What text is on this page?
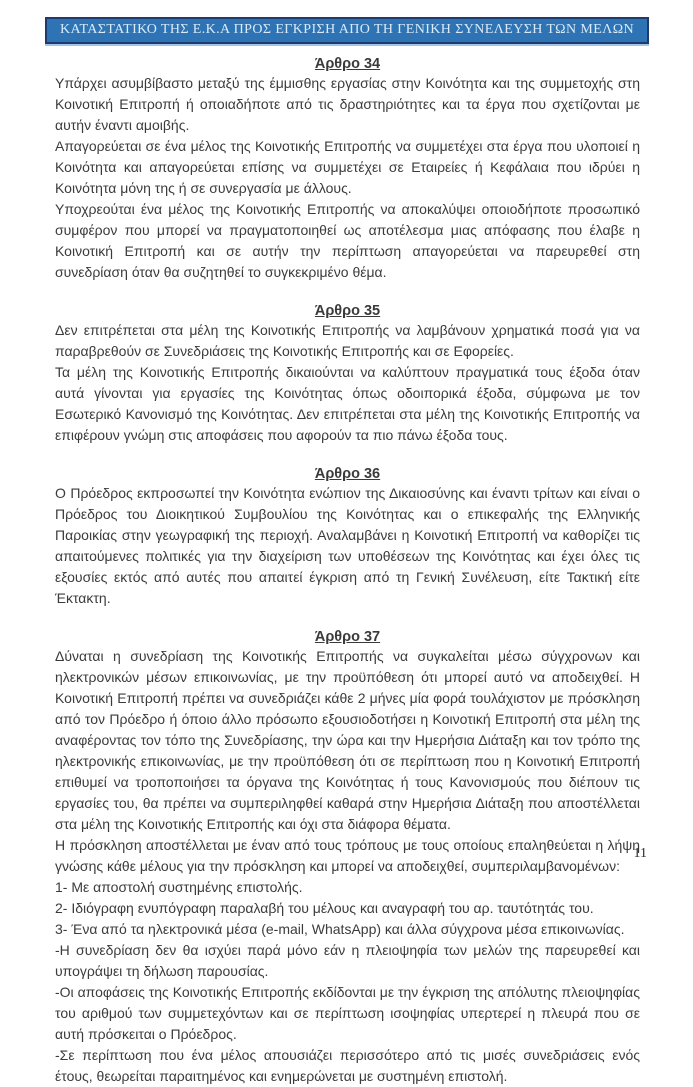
ΚΑΤΑΣΤΑΤΙΚΟ ΤΗΣ Ε.Κ.Α ΠΡΟΣ ΕΓΚΡΙΣΗ ΑΠΟ ΤΗ ΓΕΝΙΚΗ ΣΥΝΕΛΕΥΣΗ ΤΩΝ ΜΕΛΩΝ
Άρθρο 34

Υπάρχει ασυμβίβαστο μεταξύ της έμμισθης εργασίας στην Κοινότητα και της συμμετοχής στη Κοινοτική Επιτροπή ή οποιαδήποτε από τις δραστηριότητες και τα έργα που σχετίζονται με αυτήν έναντι αμοιβής.

Απαγορεύεται σε ένα μέλος της Κοινοτικής Επιτροπής να συμμετέχει στα έργα που υλοποιεί η Κοινότητα και απαγορεύεται επίσης να συμμετέχει σε Εταιρείες ή Κεφάλαια που ιδρύει η Κοινότητα μόνη της ή σε συνεργασία με άλλους.

Υποχρεούται ένα μέλος της Κοινοτικής Επιτροπής να αποκαλύψει οποιοδήποτε προσωπικό συμφέρον που μπορεί να πραγματοποιηθεί ως αποτέλεσμα μιας απόφασης που έλαβε η Κοινοτική Επιτροπή και σε αυτήν την περίπτωση απαγορεύεται να παρευρεθεί στη συνεδρίαση όταν θα συζητηθεί το συγκεκριμένο θέμα.

Άρθρο 35

Δεν επιτρέπεται στα μέλη της Κοινοτικής Επιτροπής να λαμβάνουν χρηματικά ποσά για να παραβρεθούν σε Συνεδριάσεις της Κοινοτικής Επιτροπής και σε Εφορείες.

Τα μέλη της Κοινοτικής Επιτροπής δικαιούνται να καλύπτουν πραγματικά τους έξοδα όταν αυτά γίνονται για εργασίες της Κοινότητας όπως οδοιπορικά έξοδα, σύμφωνα με τον Εσωτερικό Κανονισμό της Κοινότητας. Δεν επιτρέπεται στα μέλη της Κοινοτικής Επιτροπής να επιφέρουν γνώμη στις αποφάσεις που αφορούν τα πιο πάνω έξοδα τους.

Άρθρο 36

Ο Πρόεδρος εκπροσωπεί την Κοινότητα ενώπιον της Δικαιοσύνης και έναντι τρίτων και είναι ο Πρόεδρος του Διοικητικού Συμβουλίου της Κοινότητας και ο επικεφαλής της Ελληνικής Παροικίας στην γεωγραφική της περιοχή. Αναλαμβάνει η Κοινοτική Επιτροπή να καθορίζει τις απαιτούμενες πολιτικές για την διαχείριση των υποθέσεων της Κοινότητας και έχει όλες τις εξουσίες εκτός από αυτές που απαιτεί έγκριση από τη Γενική Συνέλευση, είτε Τακτική είτε Έκτακτη.

Άρθρο 37

Δύναται η συνεδρίαση της Κοινοτικής Επιτροπής να συγκαλείται μέσω σύγχρονων και ηλεκτρονικών μέσων επικοινωνίας, με την προϋπόθεση ότι μπορεί αυτό να αποδειχθεί. Η Κοινοτική Επιτροπή πρέπει να συνεδριάζει κάθε 2 μήνες μία φορά τουλάχιστον με πρόσκληση από τον Πρόεδρο ή όποιο άλλο πρόσωπο εξουσιοδοτήσει η Κοινοτική Επιτροπή στα μέλη της αναφέροντας τον τόπο της Συνεδρίασης, την ώρα και την Ημερήσια Διάταξη και τον τρόπο της ηλεκτρονικής επικοινωνίας, με την προϋπόθεση ότι σε περίπτωση που η Κοινοτική Επιτροπή επιθυμεί να τροποποιήσει τα όργανα της Κοινότητας ή τους Κανονισμούς που διέπουν τις εργασίες του, θα πρέπει να συμπεριληφθεί καθαρά στην Ημερήσια Διάταξη που αποστέλλεται στα μέλη της Κοινοτικής Επιτροπής και όχι στα διάφορα θέματα.

Η πρόσκληση αποστέλλεται με έναν από τους τρόπους με τους οποίους επαληθεύεται η λήψη γνώσης κάθε μέλους για την πρόσκληση και μπορεί να αποδειχθεί, συμπεριλαμβανομένων:

1- Με αποστολή συστημένης επιστολής.

2- Ιδιόγραφη ενυπόγραφη παραλαβή του μέλους και αναγραφή του αρ. ταυτότητάς του.

3- Ένα από τα ηλεκτρονικά μέσα (e-mail, WhatsApp) και άλλα σύγχρονα μέσα επικοινωνίας.

-Η συνεδρίαση δεν θα ισχύει παρά μόνο εάν η πλειοψηφία των μελών της παρευρεθεί και υπογράψει τη δήλωση παρουσίας.

-Οι αποφάσεις της Κοινοτικής Επιτροπής εκδίδονται με την έγκριση της απόλυτης πλειοψηφίας του αριθμού των συμμετεχόντων και σε περίπτωση ισοψηφίας υπερτερεί η πλευρά που σε αυτή πρόσκειται ο Πρόεδρος.

-Σε περίπτωση που ένα μέλος απουσιάζει περισσότερο από τις μισές συνεδριάσεις ενός έτους, θεωρείται παραιτημένος και ενημερώνεται με συστημένη επιστολή.

11
